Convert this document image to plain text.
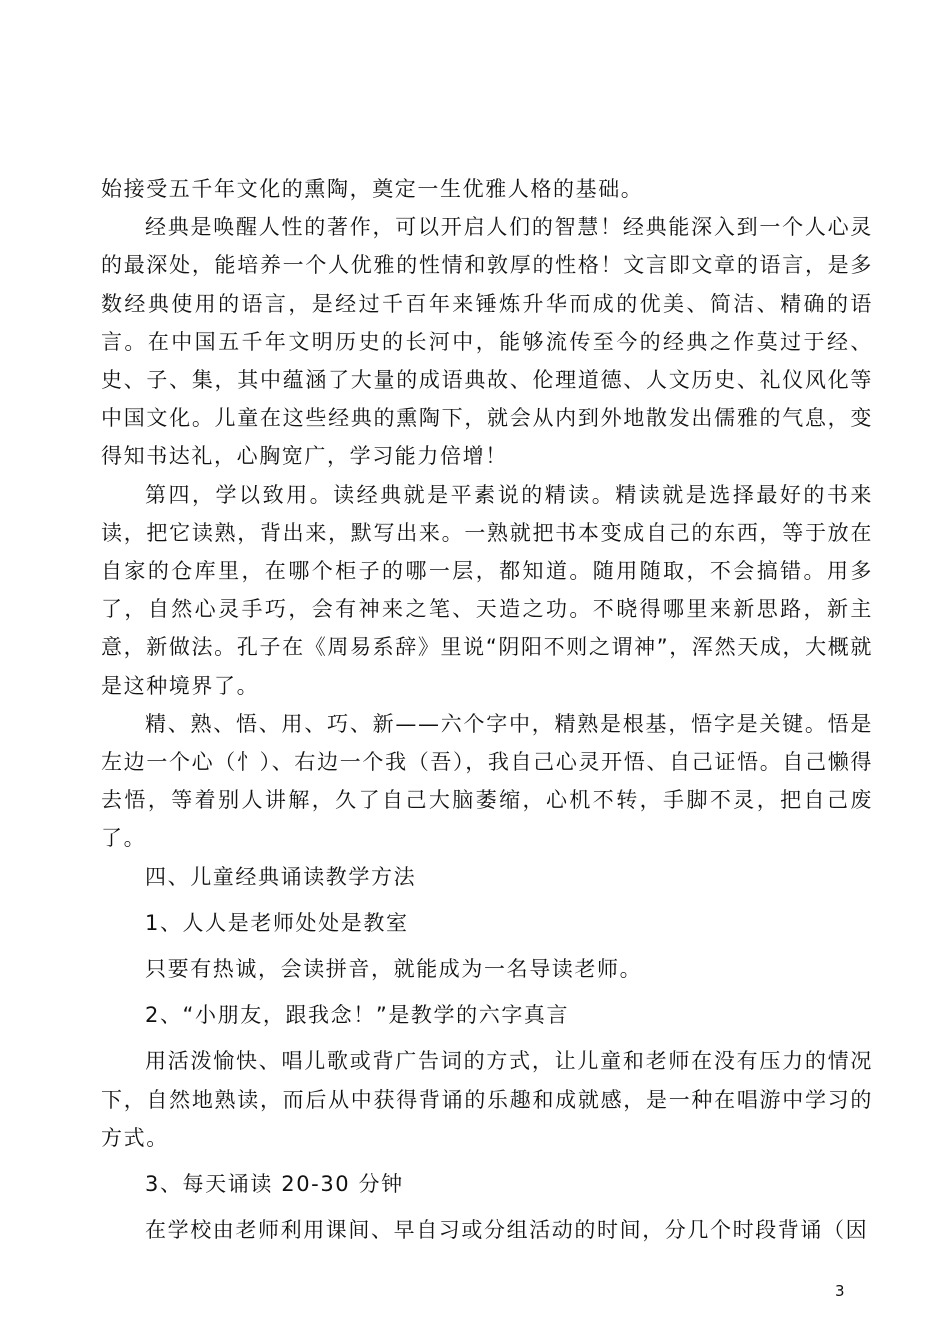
始接受五千年文化的熏陶，奠定一生优雅人格的基础。

经典是唤醒人性的著作，可以开启人们的智慧！经典能深入到一个人心灵的最深处，能培养一个人优雅的性情和敦厚的性格！文言即文章的语言，是多数经典使用的语言，是经过千百年来锤炼升华而成的优美、简洁、精确的语言。在中国五千年文明历史的长河中，能够流传至今的经典之作莫过于经、史、子、集，其中蕴涵了大量的成语典故、伦理道德、人文历史、礼仪风化等中国文化。儿童在这些经典的熏陶下，就会从内到外地散发出儒雅的气息，变得知书达礼，心胸宽广，学习能力倍增！

第四，学以致用。读经典就是平素说的精读。精读就是选择最好的书来读，把它读熟，背出来，默写出来。一熟就把书本变成自己的东西，等于放在自家的仓库里，在哪个柜子的哪一层，都知道。随用随取，不会搞错。用多了，自然心灵手巧，会有神来之笔、天造之功。不晓得哪里来新思路，新主意，新做法。孔子在《周易系辞》里说“阴阳不则之谓神”，浑然天成，大概就是这种境界了。

精、熟、悟、用、巧、新——六个字中，精熟是根基，悟字是关键。悟是左边一个心（忄）、右边一个我（吾），我自己心灵开悟、自己证悟。自己懒得去悟，等着别人讲解，久了自己大脑萎缩，心机不转，手脚不灵，把自己废了。

四、儿童经典诵读教学方法

1、人人是老师处处是教室

只要有热诚，会读拼音，就能成为一名导读老师。

2、“小朋友，跟我念！”是教学的六字真言

用活泼愉快、唱儿歌或背广告词的方式，让儿童和老师在没有压力的情况下，自然地熟读，而后从中获得背诵的乐趣和成就感，是一种在唱游中学习的方式。

3、每天诵读 20-30 分钟

在学校由老师利用课间、早自习或分组活动的时间，分几个时段背诵（因

3
